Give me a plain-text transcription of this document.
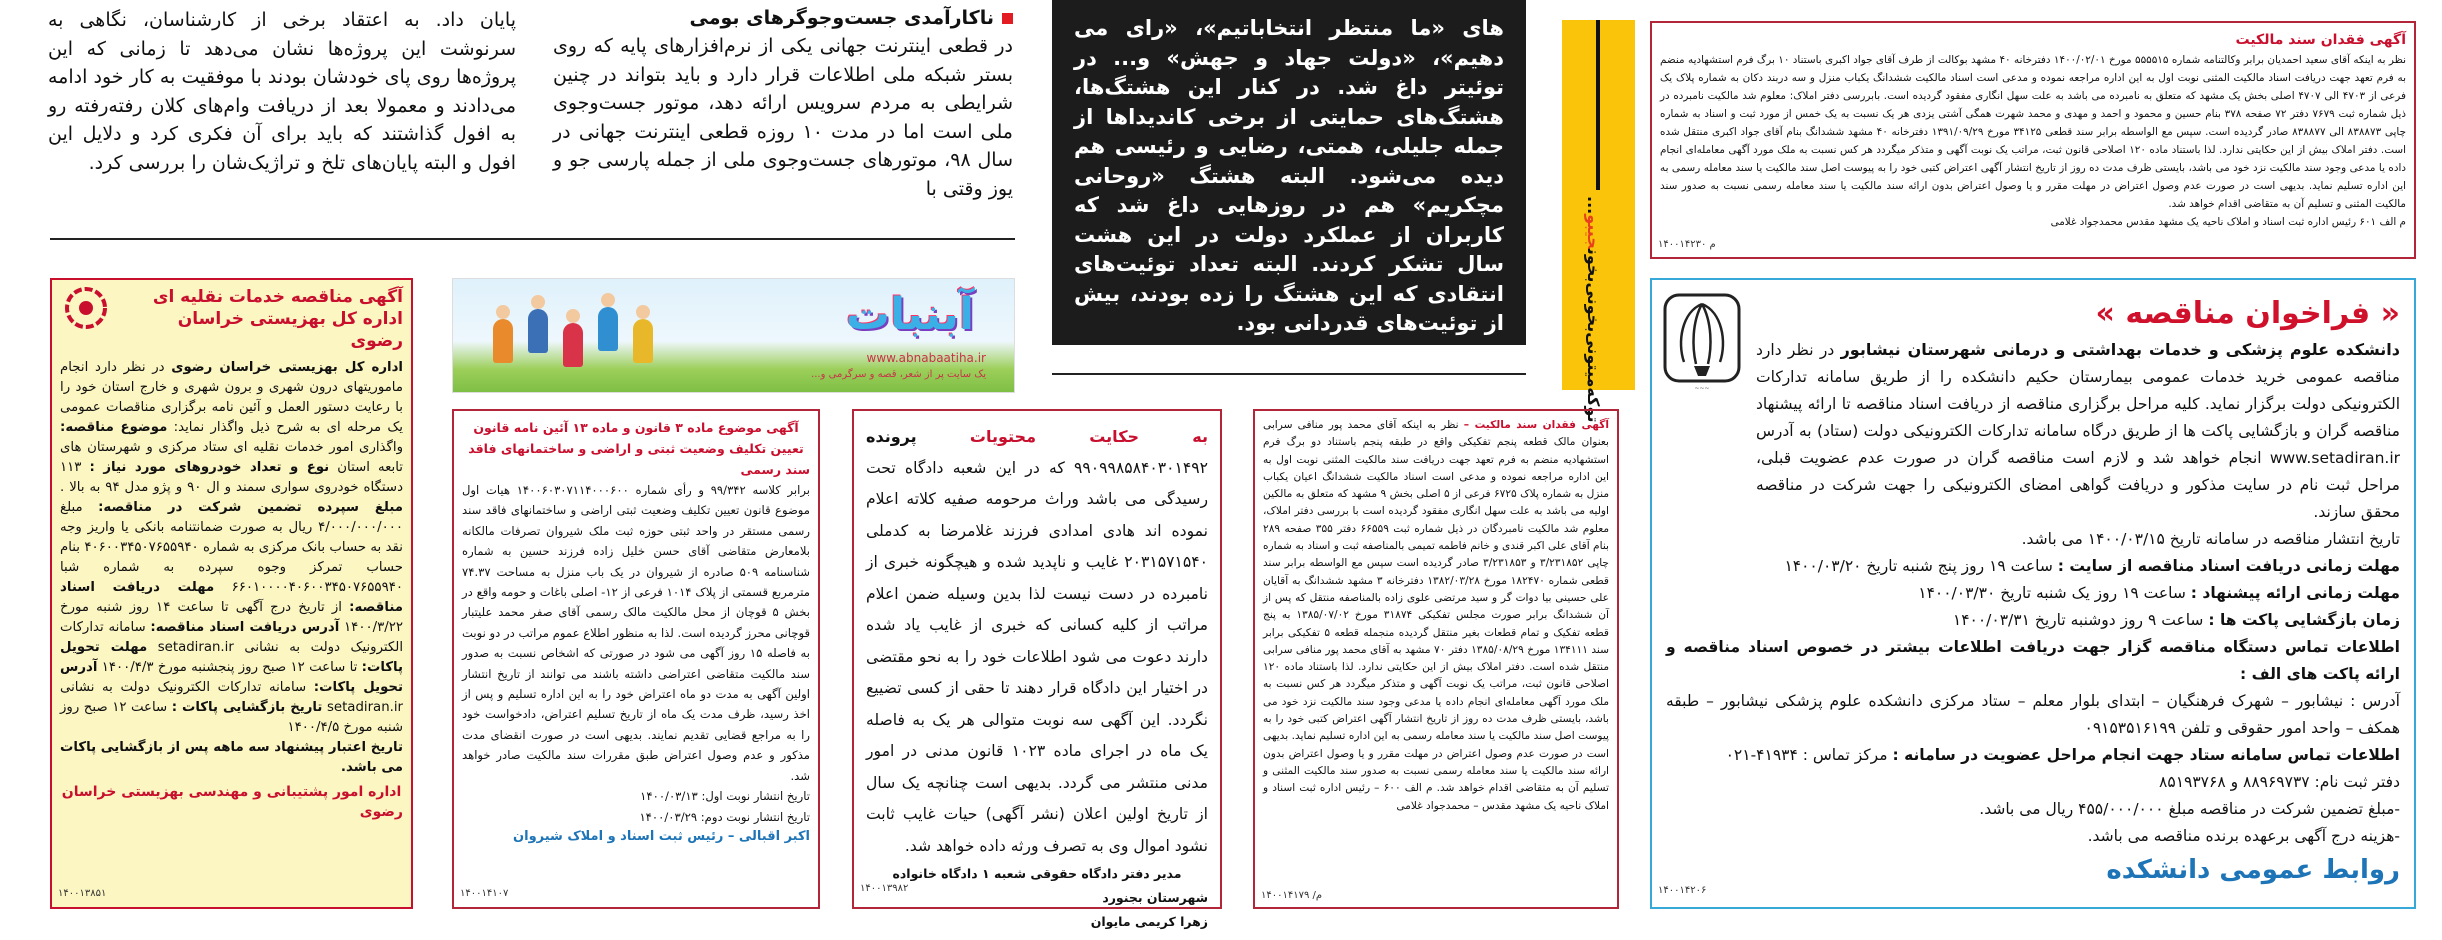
ناکارآمدی جست‌وجوگرهای بومی
در قطعی اینترنت جهانی یکی از نرم‌افزارهای پایه که روی بستر شبکه ملی اطلاعات قرار دارد و باید بتواند در چنین شرایطی به مردم سرویس ارائه دهد، موتور جست‌وجوی ملی است اما در مدت ۱۰ روزه قطعی اینترنت جهانی در سال ۹۸، موتورهای جست‌وجوی ملی از جمله پارسی جو و یوز وقتی با
پایان داد. به اعتقاد برخی از کارشناسان، نگاهی به سرنوشت این پروژه‌ها نشان می‌دهد تا زمانی که این پروژه‌ها روی پای خودشان بودند با موفقیت به کار خود ادامه می‌دادند و معمولا بعد از دریافت وام‌های کلان رفته‌رفته رو به افول گذاشتند که باید برای آن فکری کرد و دلایل این افول و البته پایان‌های تلخ و تراژیک‌شان را بررسی کرد.
های «ما منتظر انتخاباتیم»، «رای می دهیم»، «دولت جهاد و جهش» و... در توئیتر داغ شد. در کنار این هشتگ‌ها، هشتگ‌های حمایتی از برخی کاندیداها از جمله جلیلی، همتی، رضایی و رئیسی هم دیده می‌شود. البته هشتگ «روحانی مچکریم» هم در روزهایی داغ شد که کاربران از عملکرد دولت در این هشت سال تشکر کردند. البته تعداد توئیت‌های انتقادی که این هشتگ را زده بودند، بیش از توئیت‌های قدردانی بود.	توکه‌میتونی‌بخونی‌بخونجیبو...
آگهی فقدان سند مالکیت
نظر به اینکه آقای سعید احمدیان برابر وکالتنامه شماره ۵۵۵۵۱۵ مورخ ۱۴۰۰/۰۲/۰۱ دفترخانه ۴۰ مشهد بوکالت از طرف آقای جواد اکبری باستناد ۱۰ برگ فرم استشهادیه منضم به فرم تعهد جهت دریافت اسناد مالکیت المثنی نوبت اول به این اداره مراجعه نموده و مدعی است اسناد مالکیت ششدانگ یکباب منزل و سه دربند دکان به شماره پلاک یک فرعی از ۴۷۰۳ الی ۴۷۰۷ اصلی بخش یک مشهد که متعلق به نامبرده می باشد به علت سهل انگاری مفقود گردیده است. بابررسی دفتر املاک: معلوم شد مالکیت نامبرده در ذیل شماره ثبت ۷۶۷۹ دفتر ۷۲ صفحه ۳۷۸ بنام حسین و محمود و احمد و مهدی و محمد شهرت همگی آشتی یزدی هر یک نسبت به یک خمس از مورد ثبت و اسناد به شماره چاپی ۸۳۸۸۷۳ الی ۸۳۸۸۷۷ صادر گردیده است. سپس مع الواسطه برابر سند قطعی ۳۴۱۲۵ مورخ ۱۳۹۱/۰۹/۲۹ دفترخانه ۴۰ مشهد ششدانگ بنام آقای جواد اکبری منتقل شده است. دفتر املاک بیش از این حکایتی ندارد. لذا باستناد ماده ۱۲۰ اصلاحی قانون ثبت، مراتب یک نوبت آگهی و متذکر میگردد هر کس نسبت به ملک مورد آگهی معامله‌ای انجام داده یا مدعی وجود سند مالکیت نزد خود می باشد، بایستی ظرف مدت ده روز از تاریخ انتشار آگهی اعتراض کتبی خود را به پیوست اصل سند مالکیت یا سند معامله رسمی به این اداره تسلیم نماید. بدیهی است در صورت عدم وصول اعتراض در مهلت مقرر و یا وصول اعتراض بدون ارائه سند مالکیت یا سند معامله رسمی نسبت به صدور سند مالکیت المثنی و تسلیم آن به متقاضی اقدام خواهد شد.
م الف ۶۰۱ رئیس اداره ثبت اسناد و املاک ناحیه یک مشهد مقدس محمدجواد غلامی
۱۴۰۰۱۴۲۳۰ م
~~~
« فراخوان مناقصه »
دانشکده علوم پزشکی و خدمات بهداشتی و درمانی شهرستان نیشابور در نظر دارد مناقصه عمومی خرید خدمات عمومی بیمارستان حکیم دانشکده را از طریق سامانه تدارکات الکترونیکی دولت برگزار نماید. کلیه مراحل برگزاری مناقصه از دریافت اسناد مناقصه تا ارائه پیشنهاد مناقصه گران و بازگشایی پاکت ها از طریق درگاه سامانه تدارکات الکترونیکی دولت (ستاد) به آدرس www.setadiran.ir انجام خواهد شد و لازم است مناقصه گران در صورت عدم عضویت قبلی، مراحل ثبت نام در سایت مذکور و دریافت گواهی امضای الکترونیکی را جهت شرکت در مناقصه محقق سازند.
تاریخ انتشار مناقصه در سامانه تاریخ ۱۴۰۰/۰۳/۱۵ می باشد.
مهلت زمانی دریافت اسناد مناقصه از سایت : ساعت ۱۹ روز پنج شنبه تاریخ ۱۴۰۰/۰۳/۲۰
مهلت زمانی ارائه پیشنهاد : ساعت ۱۹ روز یک شنبه تاریخ ۱۴۰۰/۰۳/۳۰
زمان بازگشایی پاکت ها : ساعت ۹ روز دوشنبه تاریخ ۱۴۰۰/۰۳/۳۱
اطلاعات تماس دستگاه مناقصه گزار جهت دریافت اطلاعات بیشتر در خصوص اسناد مناقصه و ارائه پاکت های الف :
آدرس : نیشابور – شهرک فرهنگیان – ابتدای بلوار معلم – ستاد مرکزی دانشکده علوم پزشکی نیشابور – طبقه همکف – واحد امور حقوقی و تلفن ۰۹۱۵۳۵۱۶۱۹۹
اطلاعات تماس سامانه ستاد جهت انجام مراحل عضویت در سامانه : مرکز تماس : ۴۱۹۳۴-۰۲۱
دفتر ثبت نام: ۸۸۹۶۹۷۳۷ و ۸۵۱۹۳۷۶۸
-مبلغ تضمین شرکت در مناقصه مبلغ ۴۵۵/۰۰۰/۰۰۰ ریال می باشد.
-هزینه درج آگهی برعهده برنده مناقصه می باشد.
روابط عمومی دانشکده
۱۴۰۰۱۴۲۰۶
آگهی مناقصه خدمات نقلیه ای اداره کل بهزیستی خراسان رضوی
اداره کل بهزیستی خراسان رضوی در نظر دارد انجام ماموریتهای درون شهری و برون شهری و خارج استان خود را با رعایت دستور العمل و آئین نامه برگزاری مناقصات عمومی یک مرحله ای به شرح ذیل واگذار نماید: موضوع مناقصه: واگذاری امور خدمات نقلیه ای ستاد مرکزی و شهرستان های تابعه استان نوع و تعداد خودروهای مورد نیاز : ۱۱۳ دستگاه خودروی سواری سمند و ال ۹۰ و پژو مدل ۹۴ به بالا . مبلغ سپرده تضمین شرکت در مناقصه: مبلغ ۴/۰۰۰/۰۰۰/۰۰۰ ریال به صورت ضمانتنامه بانکی یا واریز وجه نقد به حساب بانک مرکزی به شماره ۴۰۶۰۰۳۴۵۰۷۶۵۵۹۴۰ بنام حساب تمرکز وجوه سپرده به شماره شبا ۶۶۰۱۰۰۰۰۴۰۶۰۰۳۴۵۰۷۶۵۵۹۴۰ مهلت دریافت اسناد مناقصه: از تاریخ درج آگهی تا ساعت ۱۴ روز شنبه مورخ ۱۴۰۰/۳/۲۲ آدرس دریافت اسناد مناقصه: سامانه تدارکات الکترونیک دولت به نشانی setadiran.ir مهلت تحویل پاکات: تا ساعت ۱۲ صبح روز پنجشنبه مورخ ۱۴۰۰/۴/۳ آدرس تحویل پاکات: سامانه تدارکات الکترونیک دولت به نشانی setadiran.ir تاریخ بازگشایی پاکات : ساعت ۱۲ صبح روز شنبه مورخ ۱۴۰۰/۴/۵
تاریخ اعتبار پیشنهاد سه ماهه پس از بازگشایی پاکات می باشد.
اداره امور پشتیبانی و مهندسی بهزیستی خراسان رضوی
۱۴۰۰۱۳۸۵۱
آبنبات
www.abnabaatiha.ir
یک سایت پر از شعر، قصه و سرگرمی و...
آگهی موضوع ماده ۳ قانون و ماده ۱۳ آئین نامه قانون تعیین تکلیف وضعیت ثبتی و اراضی و ساختمانهای فاقد سند رسمی
برابر کلاسه ۹۹/۳۴۲ و رأی شماره ۱۴۰۰۶۰۳۰۷۱۱۴۰۰۰۶۰۰ هیات اول موضوع قانون تعیین تکلیف وضعیت ثبتی اراضی و ساختمانهای فاقد سند رسمی مستقر در واحد ثبتی حوزه ثبت ملک شیروان تصرفات مالکانه بلامعارض متقاضی آقای حسن خلیل زاده فرزند حسین به شماره شناسنامه ۵۰۹ صادره از شیروان در یک باب منزل به مساحت ۷۴.۳۷ مترمربع قسمتی از پلاک ۱۰۱۴ فرعی از ۱۲- اصلی باغات و حومه واقع در بخش ۵ قوچان از محل مالکیت مالک رسمی آقای صفر محمد علیتبار قوچانی محرز گردیده است. لذا به منظور اطلاع عموم مراتب در دو نوبت به فاصله ۱۵ روز آگهی می شود در صورتی که اشخاص نسبت به صدور سند مالکیت متقاضی اعتراضی داشته باشند می توانند از تاریخ انتشار اولین آگهی به مدت دو ماه اعتراض خود را به این اداره تسلیم و پس از اخذ رسید، ظرف مدت یک ماه از تاریخ تسلیم اعتراض، دادخواست خود را به مراجع قضایی تقدیم نمایند. بدیهی است در صورت انقضای مدت مذکور و عدم وصول اعتراض طبق مقررات سند مالکیت صادر خواهد شد.
تاریخ انتشار نوبت اول: ۱۴۰۰/۰۳/۱۳
تاریخ انتشار نوبت دوم: ۱۴۰۰/۰۳/۲۹
اکبر اقبالی – رئیس ثبت اسناد و املاک شیروان
۱۴۰۰۱۴۱۰۷
به
حکایت
محتویات
پرونده
۹۹۰۹۹۸۵۸۴۰۳۰۱۴۹۲ که در این شعبه دادگاه تحت رسیدگی می باشد وراث مرحومه صفیه کلاته اعلام نموده اند هادی امدادی فرزند غلامرضا به کدملی ۲۰۳۱۵۷۱۵۴۰ غایب و ناپدید شده و هیچگونه خبری از نامبرده در دست نیست لذا بدین وسیله ضمن اعلام مراتب از کلیه کسانی که خبری از غایب یاد شده دارند دعوت می شود اطلاعات خود را به نحو مقتضی در اختیار این دادگاه قرار دهند تا حقی از کسی تضییع نگردد. این آگهی سه نوبت متوالی هر یک به فاصله یک ماه در اجرای ماده ۱۰۲۳ قانون مدنی در امور مدنی منتشر می گردد. بدیهی است چنانچه یک سال از تاریخ اولین اعلان (نشر آگهی) حیات غایب ثابت نشود اموال وی به تصرف ورثه داده خواهد شد.
مدیر دفتر دادگاه حقوقی شعبه ۱ دادگاه خانواده شهرستان بجنورد
زهرا کریمی مایوان
۱۴۰۰۱۳۹۸۲
آگهی فقدان سند مالکیت – نظر به اینکه آقای محمد پور منافی سرابی بعنوان مالک قطعه پنجم تفکیکی واقع در طبقه پنجم باستناد دو برگ فرم استشهادیه منضم به فرم تعهد جهت دریافت سند مالکیت المثنی نوبت اول به این اداره مراجعه نموده و مدعی است اسناد مالکیت ششدانگ اعیان یکباب منزل به شماره پلاک ۶۷۲۵ فرعی از ۵ اصلی بخش ۹ مشهد که متعلق به مالکین اولیه می باشد به علت سهل انگاری مفقود گردیده است با بررسی دفتر املاک، معلوم شد مالکیت نامبردگان در ذیل شماره ثبت ۶۶۵۵۹ دفتر ۳۵۵ صفحه ۲۸۹ بنام آقای علی اکبر قندی و خانم فاطمه تمیمی بالمناصفه ثبت و اسناد به شماره چاپی ۳/۲۳۱۸۵۲ و ۳/۲۳۱۸۵۳ صادر گردیده است سپس مع الواسطه برابر سند قطعی شماره ۱۸۲۴۷۰ مورخ ۱۳۸۲/۰۳/۲۸ دفترخانه ۳ مشهد ششدانگ به آقایان علی حسینی بیا دوات گر و سید مرتضی علوی زاده بالمناصفه منتقل که پس از آن ششدانگ برابر صورت مجلس تفکیکی ۳۱۸۷۴ مورخ ۱۳۸۵/۰۷/۰۲ به پنج قطعه تفکیک و تمام قطعات بغیر منتقل گردیده منجمله قطعه ۵ تفکیکی برابر سند ۱۳۴۱۱۱ مورخ ۱۳۸۵/۰۸/۲۹ دفتر ۷۰ مشهد به آقای محمد پور منافی سرابی منتقل شده است. دفتر املاک بیش از این حکایتی ندارد. لذا باستناد ماده ۱۲۰ اصلاحی قانون ثبت، مراتب یک نوبت آگهی و متذکر میگردد هر کس نسبت به ملک مورد آگهی معامله‌ای انجام داده یا مدعی وجود سند مالکیت نزد خود می باشد، بایستی ظرف مدت ده روز از تاریخ انتشار آگهی اعتراض کتبی خود را به پیوست اصل سند مالکیت یا سند معامله رسمی به این اداره تسلیم نماید. بدیهی است در صورت عدم وصول اعتراض در مهلت مقرر و یا وصول اعتراض بدون ارائه سند مالکیت یا سند معامله رسمی نسبت به صدور سند مالکیت المثنی و تسلیم آن به متقاضی اقدام خواهد شد. م الف ۶۰۰ – رئیس اداره ثبت اسناد و املاک ناحیه یک مشهد مقدس – محمدجواد غلامی
۱۴۰۰۱۴۱۷۹ /م
